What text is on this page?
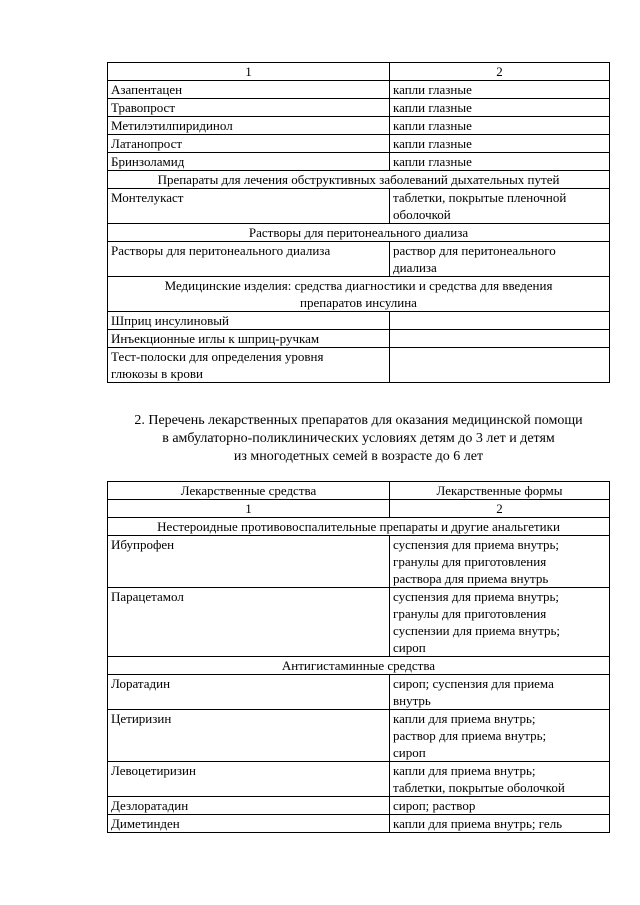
1	2
Азапентацен	капли глазные
Травопрост	капли глазные
Метилэтилпиридинол	капли глазные
Латанопрост	капли глазные
Бринзоламид	капли глазные
Препараты для лечения обструктивных заболеваний дыхательных путей	
Монтелукаст	таблетки, покрытые пленочной
оболочкой

Растворы для перитонеального диализа	
Растворы для перитонеального диализа	раствор для перитонеального
диализа

Медицинские изделия: средства диагностики и средства для введения
препаратов инсулина	

Шприц инсулиновый	
Инъекционные иглы к шприц-ручкам	

Тест-полоски для определения уровня
глюкозы в крови	

2. Перечень лекарственных препаратов для оказания медицинской помощи
в амбулаторно-поликлинических условиях детям до 3 лет и детям
из многодетных семей в возрасте до 6 лет
Лекарственные средства	Лекарственные формы
1	2
Нестероидные противовоспалительные препараты и другие анальгетики	
Ибупрофен	суспензия для приема внутрь;
гранулы для приготовления
раствора для приема внутрь

Парацетамол	суспензия для приема внутрь;
гранулы для приготовления
суспензии для приема внутрь;
сироп

Антигистаминные средства	
Лоратадин	сироп; суспензия для приема
внутрь

Цетиризин	капли для приема внутрь;
раствор для приема внутрь;
сироп

Левоцетиризин	капли для приема внутрь;
таблетки, покрытые оболочкой

Дезлоратадин	сироп; раствор
Диметинден	капли для приема внутрь; гель
